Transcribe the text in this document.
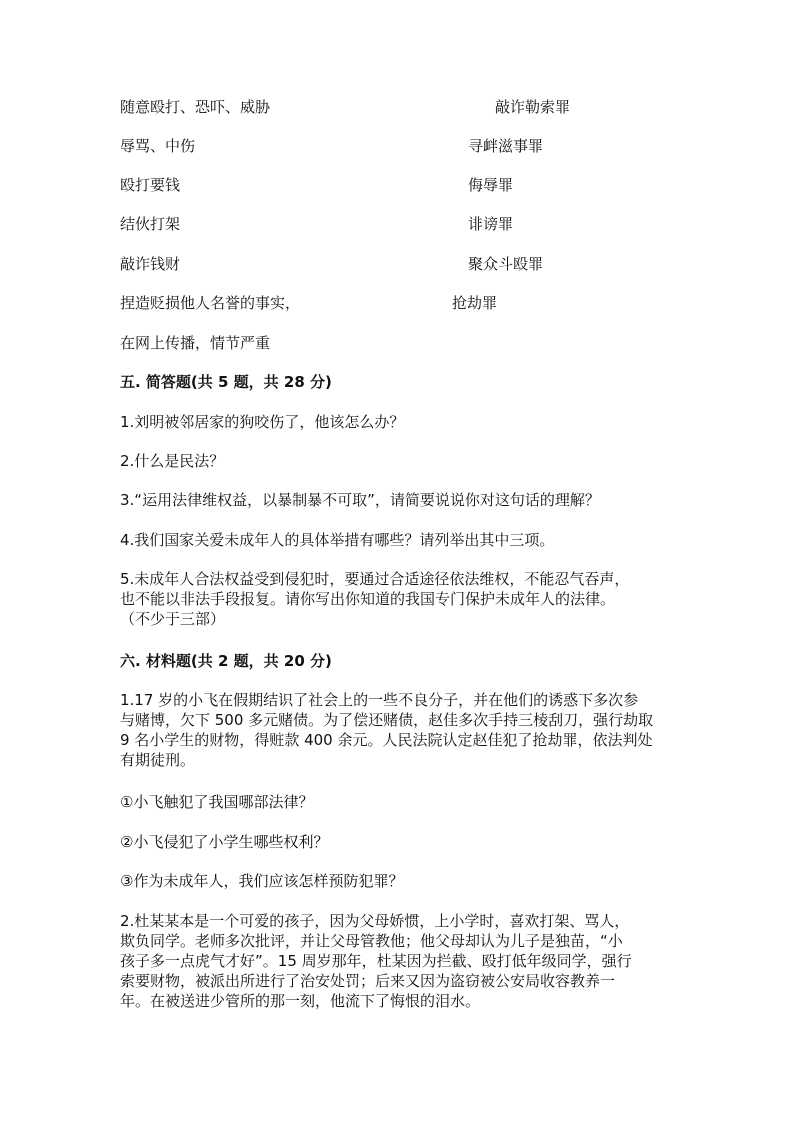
随意殴打、恐吓、威胁
辱骂、中伤
殴打要钱
结伙打架
敲诈钱财
捏造贬损他人名誉的事实，
在网上传播，情节严重
敲诈勒索罪
寻衅滋事罪
侮辱罪
诽谤罪
聚众斗殴罪
抢劫罪
五. 简答题(共 5 题，共 28 分)
1.刘明被邻居家的狗咬伤了，他该怎么办？
2.什么是民法？
3.“运用法律维权益，以暴制暴不可取”，请简要说说你对这句话的理解？
4.我们国家关爱未成年人的具体举措有哪些？请列举出其中三项。
5.未成年人合法权益受到侵犯时，要通过合适途径依法维权，不能忍气吞声，
也不能以非法手段报复。请你写出你知道的我国专门保护未成年人的法律。
（不少于三部）
六. 材料题(共 2 题，共 20 分)
1.17 岁的小飞在假期结识了社会上的一些不良分子，并在他们的诱惑下多次参
与赌博，欠下 500 多元赌债。为了偿还赌债，赵佳多次手持三棱刮刀，强行劫取
9 名小学生的财物，得赃款 400 余元。人民法院认定赵佳犯了抢劫罪，依法判处
有期徒刑。
①小飞触犯了我国哪部法律？
②小飞侵犯了小学生哪些权利？
③作为未成年人，我们应该怎样预防犯罪？
2.杜某某本是一个可爱的孩子，因为父母娇惯，上小学时，喜欢打架、骂人，
欺负同学。老师多次批评，并让父母管教他；他父母却认为儿子是独苗，“小
孩子多一点虎气才好”。15 周岁那年，杜某因为拦截、殴打低年级同学，强行
索要财物，被派出所进行了治安处罚；后来又因为盗窃被公安局收容教养一
年。在被送进少管所的那一刻，他流下了悔恨的泪水。
